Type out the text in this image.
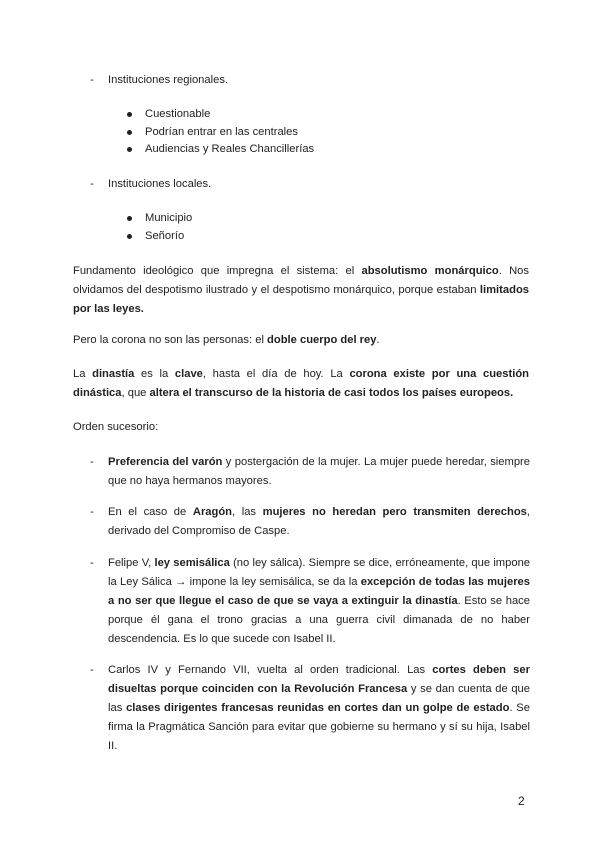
- Instituciones regionales.
Cuestionable
Podrían entrar en las centrales
Audiencias y Reales Chancillerías
- Instituciones locales.
Municipio
Señorío

Fundamento ideológico que impregna el sistema: el absolutismo monárquico. Nos olvidamos del despotismo ilustrado y el despotismo monárquico, porque estaban limitados por las leyes.

Pero la corona no son las personas: el doble cuerpo del rey.

La dinastía es la clave, hasta el día de hoy. La corona existe por una cuestión dinástica, que altera el transcurso de la historia de casi todos los países europeos.

Orden sucesorio:

- Preferencia del varón y postergación de la mujer. La mujer puede heredar, siempre que no haya hermanos mayores.
- En el caso de Aragón, las mujeres no heredan pero transmiten derechos, derivado del Compromiso de Caspe.
- Felipe V, ley semisálica (no ley sálica). Siempre se dice, erróneamente, que impone la Ley Sálica → impone la ley semisálica, se da la excepción de todas las mujeres a no ser que llegue el caso de que se vaya a extinguir la dinastía. Esto se hace porque él gana el trono gracias a una guerra civil dimanada de no haber descendencia. Es lo que sucede con Isabel II.
- Carlos IV y Fernando VII, vuelta al orden tradicional. Las cortes deben ser disueltas porque coinciden con la Revolución Francesa y se dan cuenta de que las clases dirigentes francesas reunidas en cortes dan un golpe de estado. Se firma la Pragmática Sanción para evitar que gobierne su hermano y sí su hija, Isabel II.
2
